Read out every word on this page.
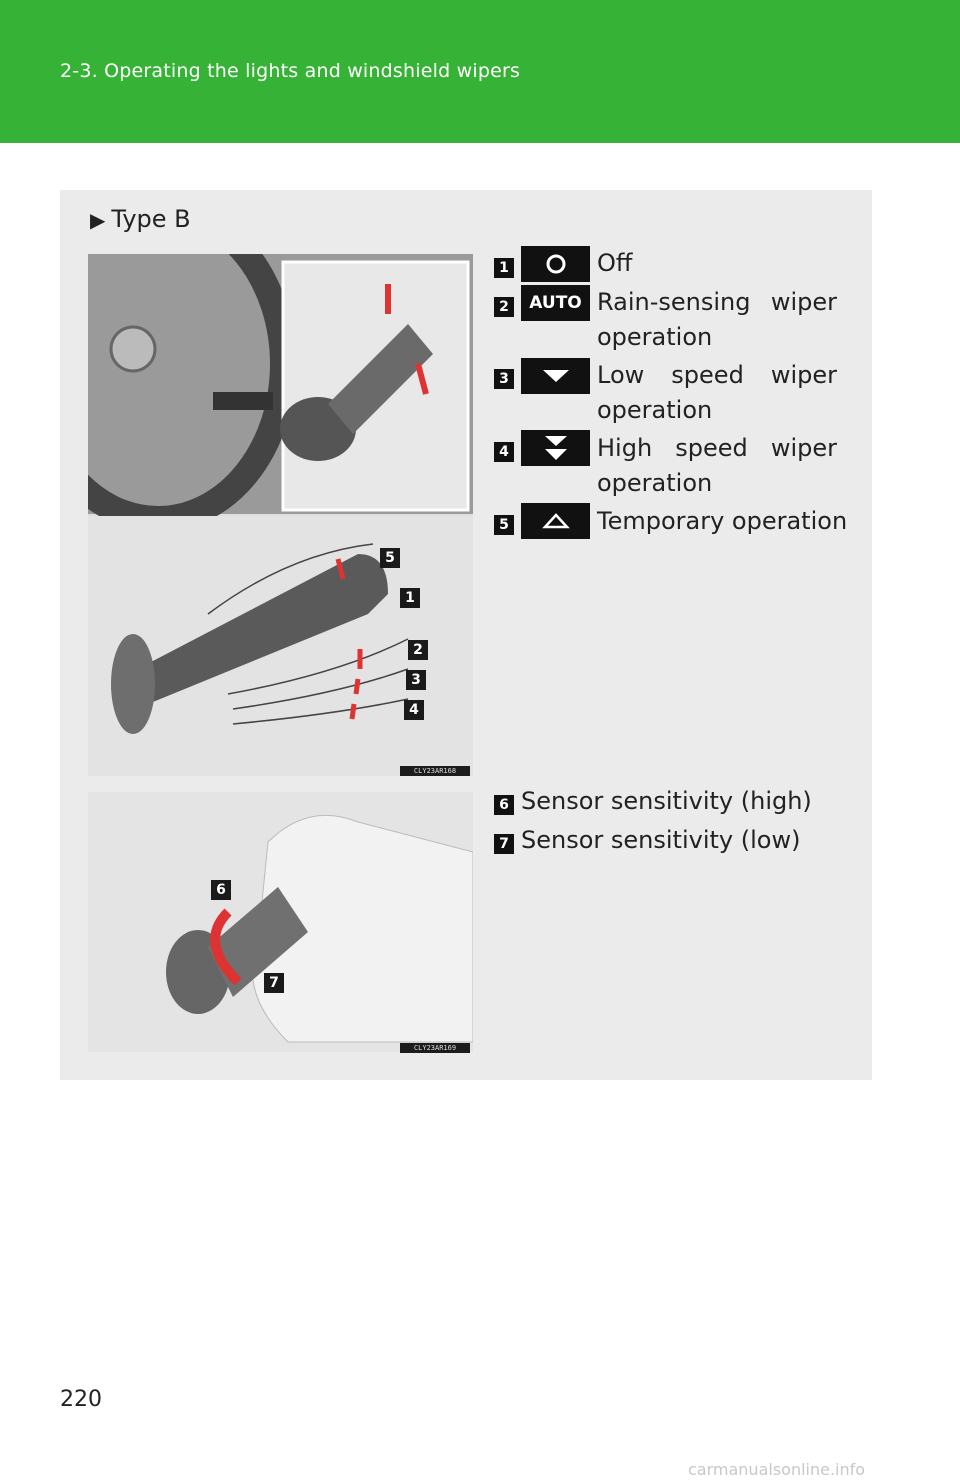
2-3. Operating the lights and windshield wipers
▶ Type B
5
1
2
3
4
CLY23AR168
6
7
CLY23AR169
1	Off
2	AUTO Rain-sensing wiper
operation
3	Low speed wiper
operation
4	High speed wiper
operation
5	Temporary operation
6 Sensor sensitivity (high)
7 Sensor sensitivity (low)
220
carmanualsonline.info
